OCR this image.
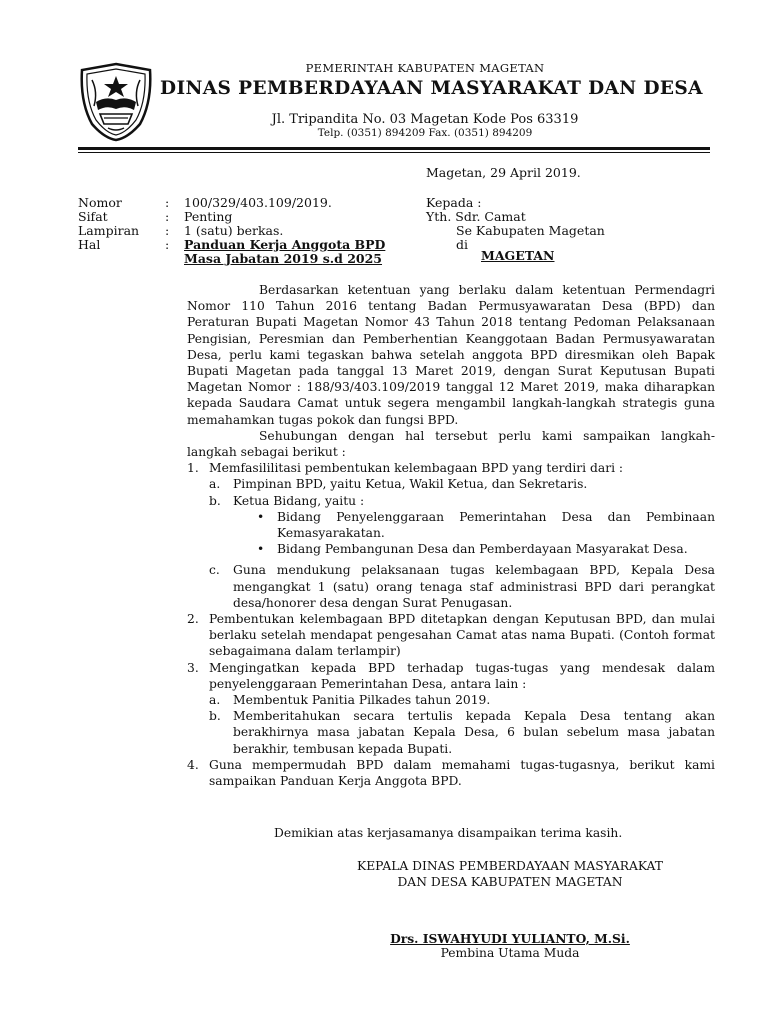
PEMERINTAH KABUPATEN MAGETAN
DINAS PEMBERDAYAAN MASYARAKAT DAN DESA
Jl. Tripandita No. 03 Magetan Kode Pos 63319
Telp. (0351) 894209 Fax. (0351) 894209
Magetan, 29 April 2019.
Nomor	: 100/329/403.109/2019.
Sifat	: Penting
Lampiran : 1 (satu) berkas.
Hal	: Panduan Kerja Anggota BPD
Masa Jabatan 2019 s.d 2025
Kepada :
Yth. Sdr. Camat
Se Kabupaten Magetan
di
MAGETAN

Berdasarkan ketentuan yang berlaku dalam ketentuan Permendagri Nomor 110 Tahun 2016 tentang Badan Permusyawaratan Desa (BPD) dan Peraturan Bupati Magetan Nomor 43 Tahun 2018 tentang Pedoman Pelaksanaan Pengisian, Peresmian dan Pemberhentian Keanggotaan Badan Permusyawaratan Desa, perlu kami tegaskan bahwa setelah anggota BPD diresmikan oleh Bapak Bupati Magetan pada tanggal 13 Maret 2019, dengan Surat Keputusan Bupati Magetan Nomor : 188/93/403.109/2019 tanggal 12 Maret 2019, maka diharapkan kepada Saudara Camat untuk segera mengambil langkah-langkah strategis guna memahamkan tugas pokok dan fungsi BPD.

Sehubungan dengan hal tersebut perlu kami sampaikan langkah-langkah sebagai berikut :

1. Memfasililitasi pembentukan kelembagaan BPD yang terdiri dari :
a.	Pimpinan BPD, yaitu Ketua, Wakil Ketua, dan Sekretaris.
b. Ketua Bidang, yaitu :
•	Bidang Penyelenggaraan Pemerintahan Desa dan Pembinaan Kemasyarakatan.
•	Bidang Pembangunan Desa dan Pemberdayaan Masyarakat Desa.
c.	Guna mendukung pelaksanaan tugas kelembagaan BPD, Kepala Desa mengangkat 1 (satu) orang tenaga staf administrasi BPD dari perangkat desa/honorer desa dengan Surat Penugasan.
2. Pembentukan kelembagaan BPD ditetapkan dengan Keputusan BPD, dan mulai berlaku setelah mendapat pengesahan Camat atas nama Bupati. (Contoh format sebagaimana dalam terlampir)
3. Mengingatkan kepada BPD terhadap tugas-tugas yang mendesak dalam penyelenggaraan Pemerintahan Desa, antara lain :
a.	Membentuk Panitia Pilkades tahun 2019.
b. Memberitahukan secara tertulis kepada Kepala Desa tentang akan berakhirnya masa jabatan Kepala Desa, 6 bulan sebelum masa jabatan berakhir, tembusan kepada Bupati.
4. Guna mempermudah BPD dalam memahami tugas-tugasnya, berikut kami sampaikan Panduan Kerja Anggota BPD.
Demikian atas kerjasamanya disampaikan terima kasih.
KEPALA DINAS PEMBERDAYAAN MASYARAKAT
DAN DESA KABUPATEN MAGETAN
Drs. ISWAHYUDI YULIANTO, M.Si.
Pembina Utama Muda
